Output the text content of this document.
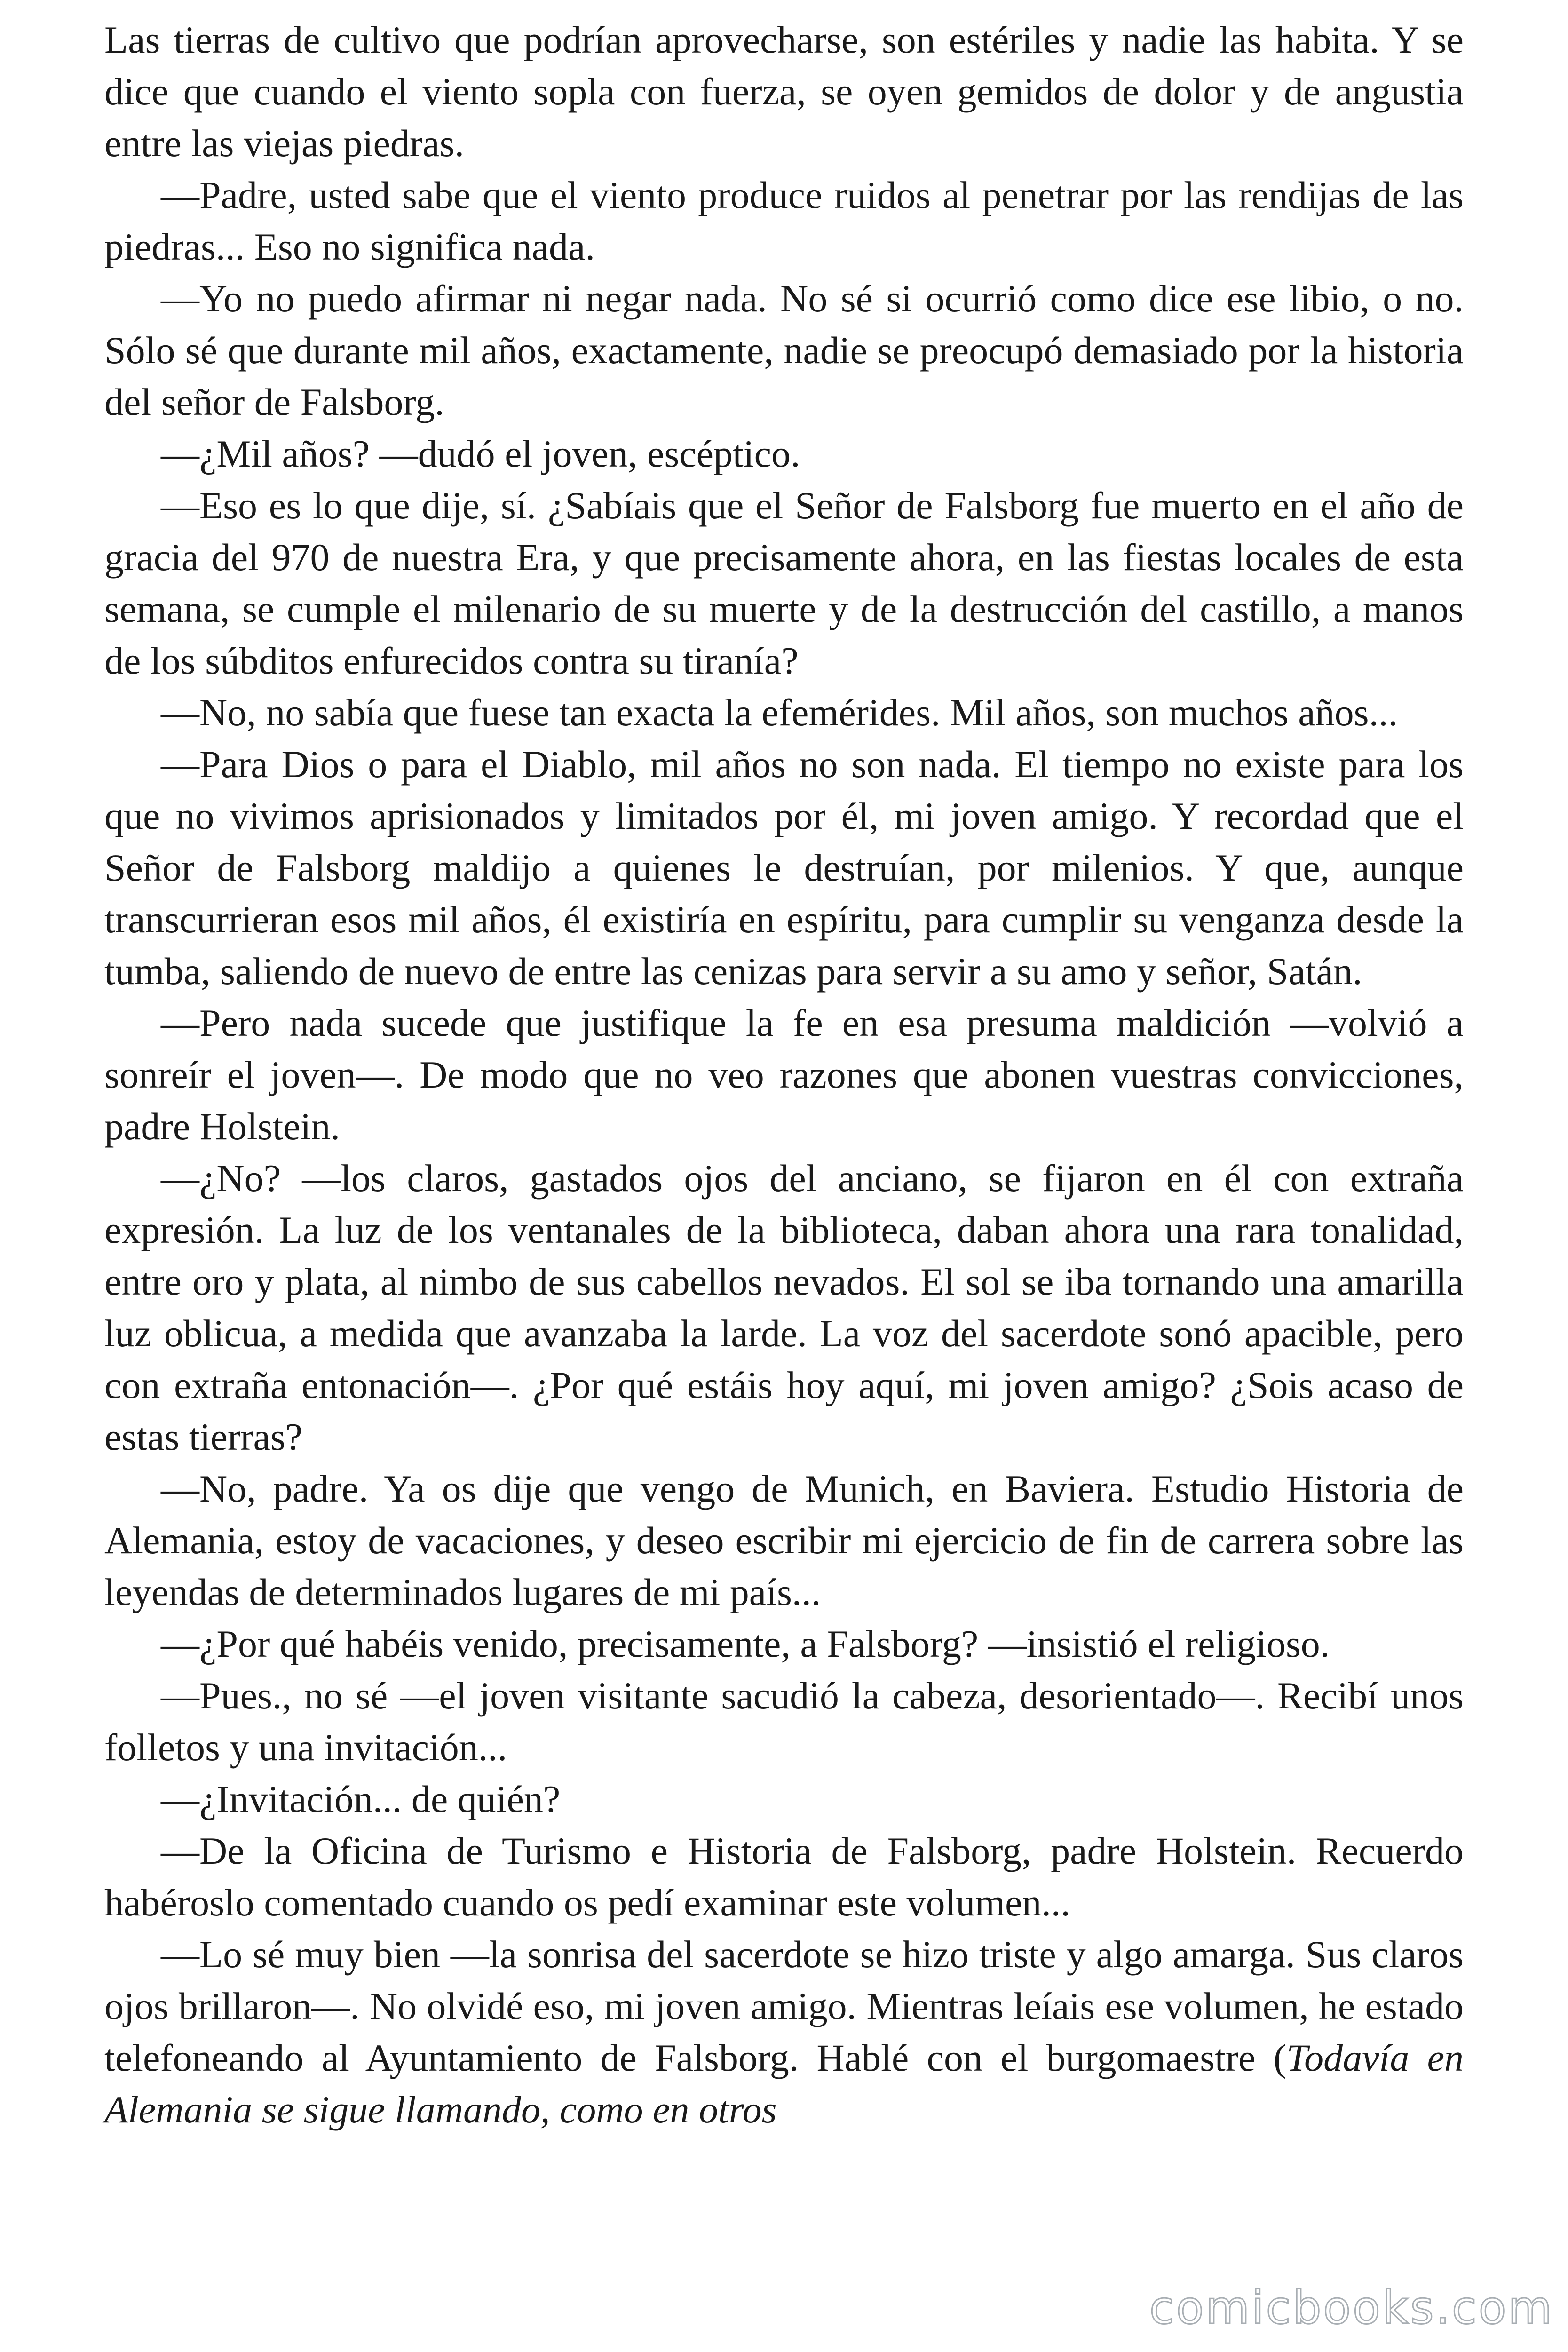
Las tierras de cultivo que podrían aprovecharse, son estériles y nadie las habita. Y se dice que cuando el viento sopla con fuerza, se oyen gemidos de dolor y de angustia entre las viejas piedras.

—Padre, usted sabe que el viento produce ruidos al penetrar por las rendijas de las piedras... Eso no significa nada.

—Yo no puedo afirmar ni negar nada. No sé si ocurrió como dice ese libio, o no. Sólo sé que durante mil años, exactamente, nadie se preocupó demasiado por la historia del señor de Falsborg.

—¿Mil años? —dudó el joven, escéptico.

—Eso es lo que dije, sí. ¿Sabíais que el Señor de Falsborg fue muerto en el año de gracia del 970 de nuestra Era, y que precisamente ahora, en las fiestas locales de esta semana, se cumple el milenario de su muerte y de la destrucción del castillo, a manos de los súbditos enfurecidos contra su tiranía?

—No, no sabía que fuese tan exacta la efemérides. Mil años, son muchos años...

—Para Dios o para el Diablo, mil años no son nada. El tiempo no existe para los que no vivimos aprisionados y limitados por él, mi joven amigo. Y recordad que el Señor de Falsborg maldijo a quienes le destruían, por milenios. Y que, aunque transcurrieran esos mil años, él existiría en espíritu, para cumplir su venganza desde la tumba, saliendo de nuevo de entre las cenizas para servir a su amo y señor, Satán.

—Pero nada sucede que justifique la fe en esa presuma maldición —volvió a sonreír el joven—. De modo que no veo razones que abonen vuestras convicciones, padre Holstein.

—¿No? —los claros, gastados ojos del anciano, se fijaron en él con extraña expresión. La luz de los ventanales de la biblioteca, daban ahora una rara tonalidad, entre oro y plata, al nimbo de sus cabellos nevados. El sol se iba tornando una amarilla luz oblicua, a medida que avanzaba la larde. La voz del sacerdote sonó apacible, pero con extraña entonación—. ¿Por qué estáis hoy aquí, mi joven amigo? ¿Sois acaso de estas tierras?

—No, padre. Ya os dije que vengo de Munich, en Baviera. Estudio Historia de Alemania, estoy de vacaciones, y deseo escribir mi ejercicio de fin de carrera sobre las leyendas de determinados lugares de mi país...

—¿Por qué habéis venido, precisamente, a Falsborg? —insistió el religioso.

—Pues., no sé —el joven visitante sacudió la cabeza, desorientado—. Recibí unos folletos y una invitación...

—¿Invitación... de quién?

—De la Oficina de Turismo e Historia de Falsborg, padre Holstein. Recuerdo habéroslo comentado cuando os pedí examinar este volumen...

—Lo sé muy bien —la sonrisa del sacerdote se hizo triste y algo amarga. Sus claros ojos brillaron—. No olvidé eso, mi joven amigo. Mientras leíais ese volumen, he estado telefoneando al Ayuntamiento de Falsborg. Hablé con el burgomaestre (Todavía en Alemania se sigue llamando, como en otros

comicbooks.com
